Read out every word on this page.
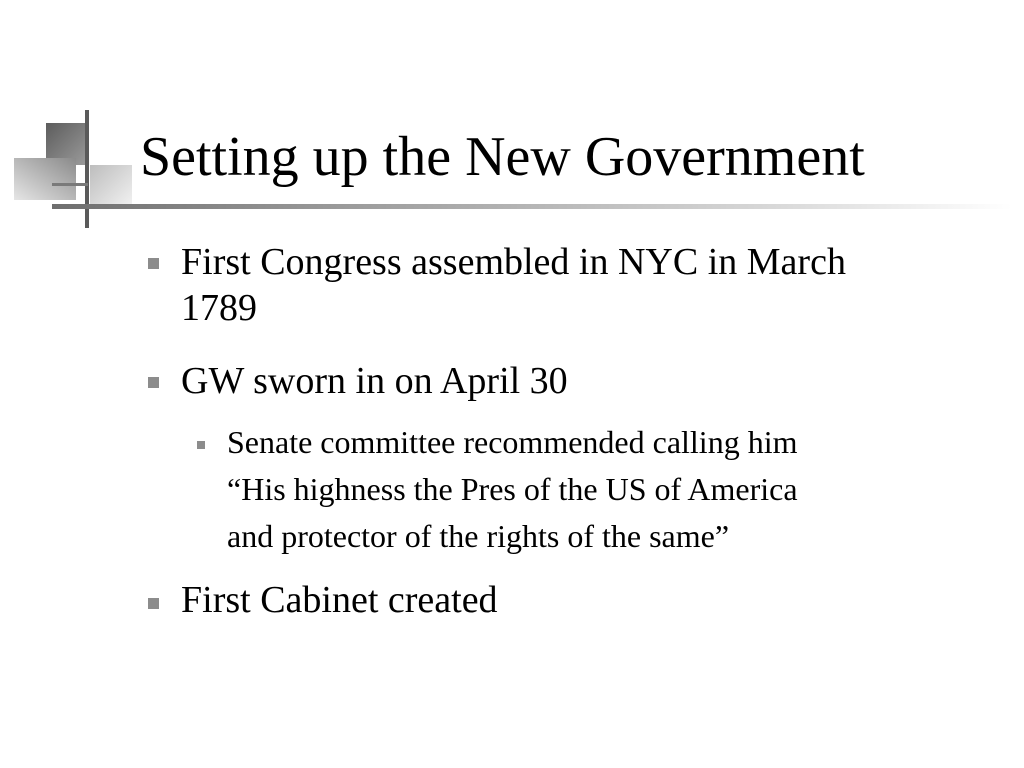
Setting up the New Government
First Congress assembled in NYC in March
1789
GW sworn in on April 30
Senate committee recommended calling him
“His highness the Pres of the US of America
and protector of the rights of the same”
First Cabinet created
